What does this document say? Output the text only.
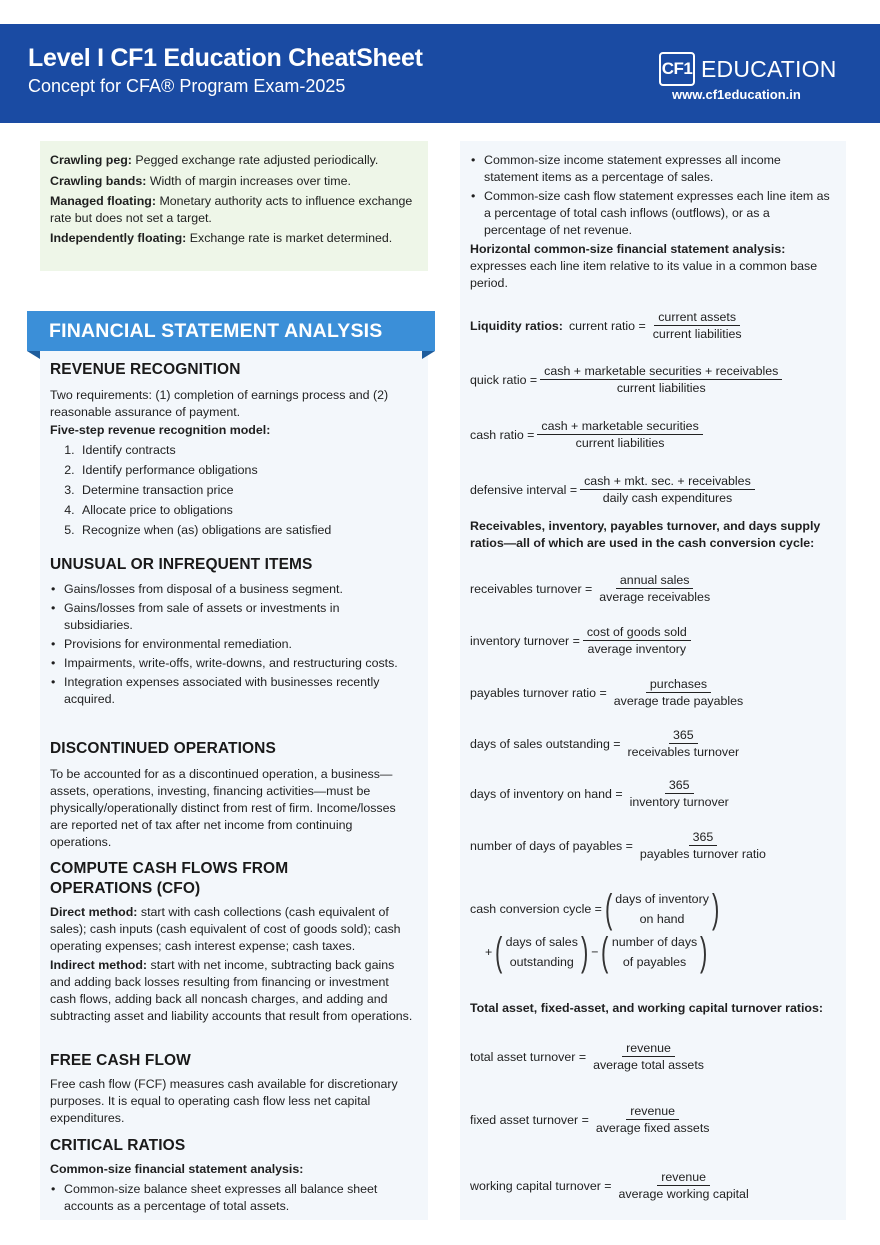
Level I CF1 Education CheatSheet
Concept for CFA® Program Exam-2025
CF1 EDUCATION
www.cf1education.in

Crawling peg: Pegged exchange rate adjusted periodically.

Crawling bands: Width of margin increases over time.

Managed floating: Monetary authority acts to influence exchange rate but does not set a target.

Independently floating: Exchange rate is market determined.

FINANCIAL STATEMENT ANALYSIS
REVENUE RECOGNITION

Two requirements: (1) completion of earnings process and (2) reasonable assurance of payment.

Five-step revenue recognition model:

1. Identify contracts
2. Identify performance obligations
3. Determine transaction price
4. Allocate price to obligations
5. Recognize when (as) obligations are satisfied
UNUSUAL OR INFREQUENT ITEMS
• Gains/losses from disposal of a business segment.
• Gains/losses from sale of assets or investments in subsidiaries.
• Provisions for environmental remediation.
• Impairments, write-offs, write-downs, and restructuring costs.
• Integration expenses associated with businesses recently acquired.
DISCONTINUED OPERATIONS
To be accounted for as a discontinued operation, a business—assets, operations, investing, financing activities—must be physically/operationally distinct from rest of firm. Income/losses are reported net of tax after net income from continuing operations.
COMPUTE CASH FLOWS FROM
OPERATIONS (CFO)

Direct method: start with cash collections (cash equivalent of sales); cash inputs (cash equivalent of cost of goods sold); cash operating expenses; cash interest expense; cash taxes.

Indirect method: start with net income, subtracting back gains and adding back losses resulting from financing or investment cash flows, adding back all noncash charges, and adding and subtracting asset and liability accounts that result from operations.

FREE CASH FLOW
Free cash flow (FCF) measures cash available for discretionary purposes. It is equal to operating cash flow less net capital expenditures.
CRITICAL RATIOS

Common-size financial statement analysis:

• Common-size balance sheet expresses all balance sheet accounts as a percentage of total assets.
• Common-size income statement expresses all income statement items as a percentage of sales.
• Common-size cash flow statement expresses each line item as a percentage of total cash inflows (outflows), or as a percentage of net revenue.

Horizontal common-size financial statement analysis: expresses each line item relative to its value in a common base period.

Liquidity ratios: current ratio = $\frac{\text{current assets}}{\text{current liabilities}}$
quick ratio = $\frac{\text{cash + marketable securities + receivables}}{\text{current liabilities}}$
cash ratio = $\frac{\text{cash + marketable securities}}{\text{current liabilities}}$
defensive interval = $\frac{\text{cash + mkt. sec. + receivables}}{\text{daily cash expenditures}}$
Receivables, inventory, payables turnover, and days supply ratios—all of which are used in the cash conversion cycle:
receivables turnover = $\frac{\text{annual sales}}{\text{average receivables}}$
inventory turnover = $\frac{\text{cost of goods sold}}{\text{average inventory}}$
payables turnover ratio = $\frac{\text{purchases}}{\text{average trade payables}}$
days of sales outstanding = $\frac{365}{\text{receivables turnover}}$
days of inventory on hand = $\frac{365}{\text{inventory turnover}}$
number of days of payables = $\frac{365}{\text{payables turnover ratio}}$
cash conversion cycle = ( days of inventory
on hand )
+ ( days of sales
outstanding ) − ( number of days
of payables )
Total asset, fixed-asset, and working capital turnover ratios:
total asset turnover = $\frac{\text{revenue}}{\text{average total assets}}$
fixed asset turnover = $\frac{\text{revenue}}{\text{average fixed assets}}$
working capital turnover = $\frac{\text{revenue}}{\text{average working capital}}$
